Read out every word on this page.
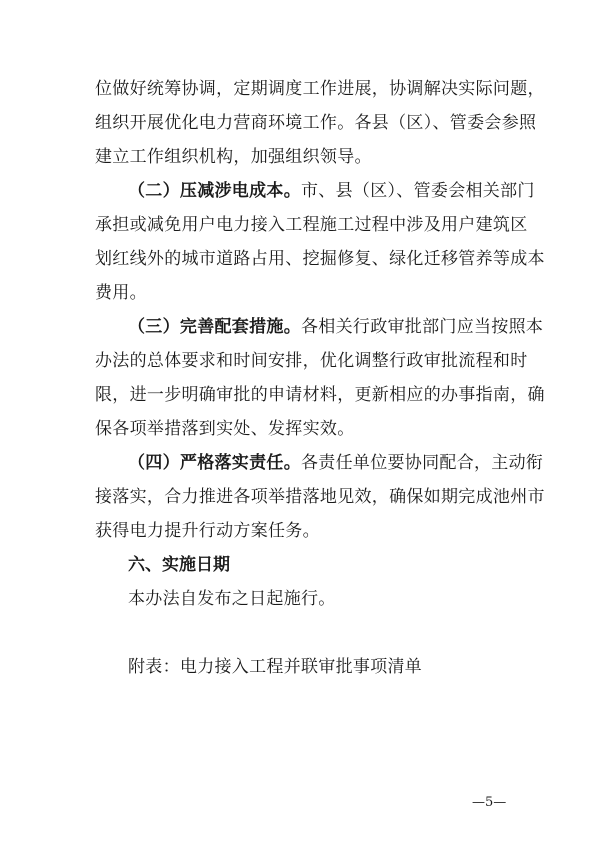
位做好统筹协调，定期调度工作进展，协调解决实际问题，
组织开展优化电力营商环境工作。各县（区）、管委会参照
建立工作组织机构，加强组织领导。
（二）压减涉电成本。市、县（区）、管委会相关部门
承担或减免用户电力接入工程施工过程中涉及用户建筑区
划红线外的城市道路占用、挖掘修复、绿化迁移管养等成本
费用。
（三）完善配套措施。各相关行政审批部门应当按照本
办法的总体要求和时间安排，优化调整行政审批流程和时
限，进一步明确审批的申请材料，更新相应的办事指南，确
保各项举措落到实处、发挥实效。
（四）严格落实责任。各责任单位要协同配合，主动衔
接落实，合力推进各项举措落地见效，确保如期完成池州市
获得电力提升行动方案任务。
六、实施日期
本办法自发布之日起施行。
附表：电力接入工程并联审批事项清单
—5—
